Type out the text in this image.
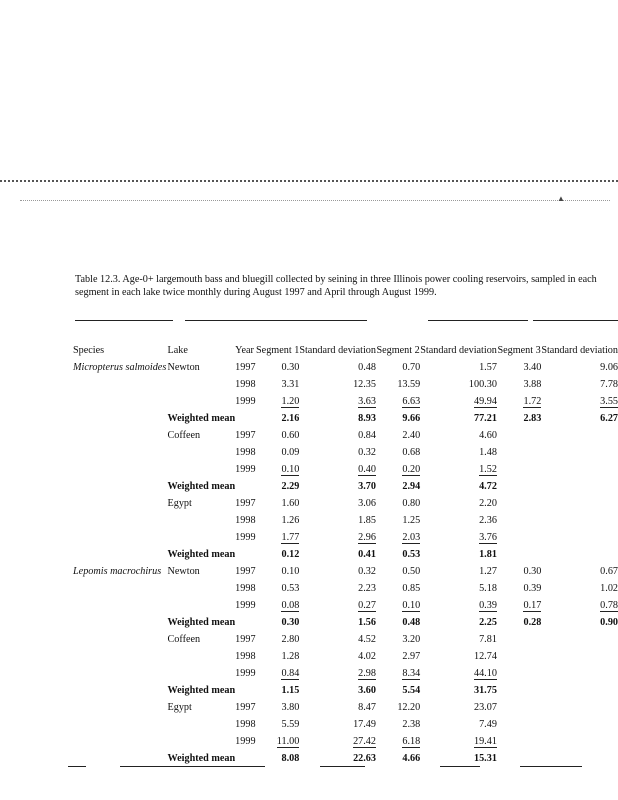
▲
Table 12.3. Age-0+ largemouth bass and bluegill collected by seining in three Illinois power cooling reservoirs, sampled in each segment in each lake twice monthly during August 1997 and April through August 1999.
Species	Lake	Year	Segment 1	Standard deviation	Segment 2	Standard deviation	Segment 3	Standard deviation
Micropterus salmoides	Newton	1997	0.30	0.48	0.70	1.57	3.40	9.06
		1998	3.31	12.35	13.59	100.30	3.88	7.78
		1999	1.20	3.63	6.63	49.94	1.72	3.55
	Weighted mean		2.16	8.93	9.66	77.21	2.83	6.27
	Coffeen	1997	0.60	0.84	2.40	4.60		
		1998	0.09	0.32	0.68	1.48		
		1999	0.10	0.40	0.20	1.52		
	Weighted mean		2.29	3.70	2.94	4.72		
	Egypt	1997	1.60	3.06	0.80	2.20		
		1998	1.26	1.85	1.25	2.36		
		1999	1.77	2.96	2.03	3.76		
	Weighted mean		0.12	0.41	0.53	1.81		
Lepomis macrochirus	Newton	1997	0.10	0.32	0.50	1.27	0.30	0.67
		1998	0.53	2.23	0.85	5.18	0.39	1.02
		1999	0.08	0.27	0.10	0.39	0.17	0.78
	Weighted mean		0.30	1.56	0.48	2.25	0.28	0.90
	Coffeen	1997	2.80	4.52	3.20	7.81		
		1998	1.28	4.02	2.97	12.74		
		1999	0.84	2.98	8.34	44.10		
	Weighted mean		1.15	3.60	5.54	31.75		
	Egypt	1997	3.80	8.47	12.20	23.07		
		1998	5.59	17.49	2.38	7.49		
		1999	11.00	27.42	6.18	19.41		
	Weighted mean		8.08	22.63	4.66	15.31		
